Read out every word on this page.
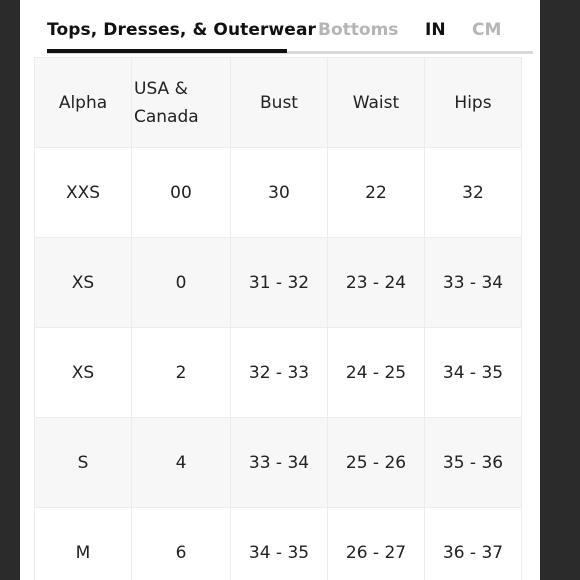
Tops, Dresses, & Outerwear Bottoms IN CM
Alpha	USA & Canada	Bust	Waist	Hips
XXS	00	30	22	32
XS	0	31 - 32	23 - 24	33 - 34
XS	2	32 - 33	24 - 25	34 - 35
S	4	33 - 34	25 - 26	35 - 36
M	6	34 - 35	26 - 27	36 - 37
